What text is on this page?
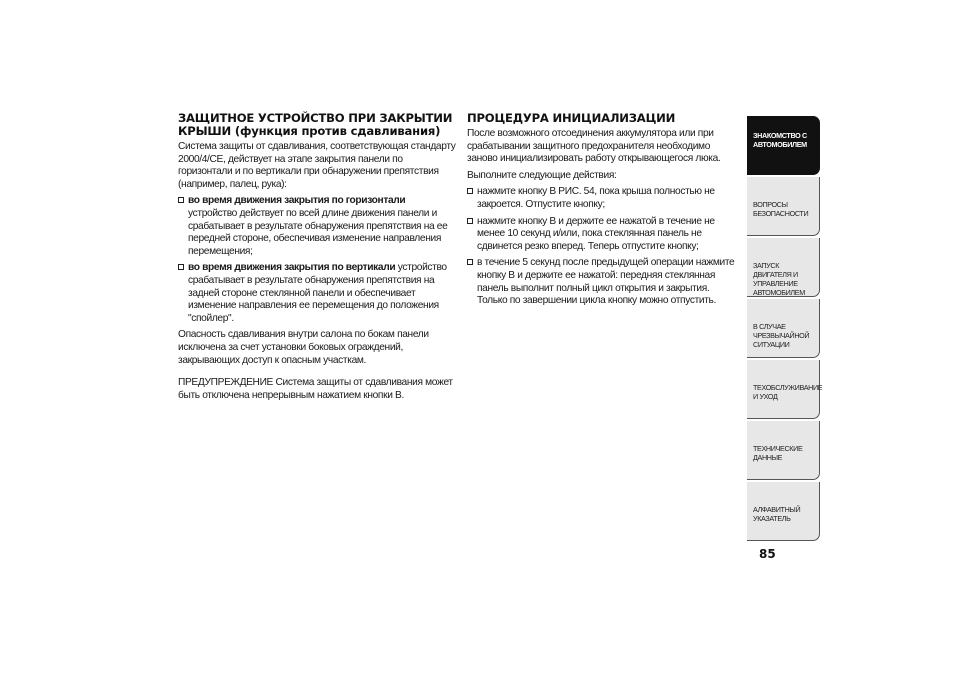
ЗАЩИТНОЕ УСТРОЙСТВО ПРИ ЗАКРЫТИИ КРЫШИ (функция против сдавливания)

Система защиты от сдавливания, соответствующая стандарту 2000/4/CE, действует на этапе закрытия панели по горизонтали и по вертикали при обнаружении препятствия (например, палец, рука):

во время движения закрытия по горизонтали устройство действует по всей длине движения панели и срабатывает в результате обнаружения препятствия на ее передней стороне, обеспечивая изменение направления перемещения;
во время движения закрытия по вертикали устройство срабатывает в результате обнаружения препятствия на задней стороне стеклянной панели и обеспечивает изменение направления ее перемещения до положения "спойлер".

Опасность сдавливания внутри салона по бокам панели исключена за счет установки боковых ограждений, закрывающих доступ к опасным участкам.

ПРЕДУПРЕЖДЕНИЕ Система защиты от сдавливания может быть отключена непрерывным нажатием кнопки B.

ПРОЦЕДУРА ИНИЦИАЛИЗАЦИИ

После возможного отсоединения аккумулятора или при срабатывании защитного предохранителя необходимо заново инициализировать работу открывающегося люка.

Выполните следующие действия:

нажмите кнопку B РИС. 54, пока крыша полностью не закроется. Отпустите кнопку;
нажмите кнопку B и держите ее нажатой в течение не менее 10 секунд и/или, пока стеклянная панель не сдвинется резко вперед. Теперь отпустите кнопку;
в течение 5 секунд после предыдущей операции нажмите кнопку B и держите ее нажатой: передняя стеклянная панель выполнит полный цикл открытия и закрытия. Только по завершении цикла кнопку можно отпустить.
ЗНАКОМСТВО С АВТОМОБИЛЕМ
ВОПРОСЫ БЕЗОПАСНОСТИ
ЗАПУСК ДВИГАТЕЛЯ И УПРАВЛЕНИЕ АВТОМОБИЛЕМ
В СЛУЧАЕ ЧРЕЗВЫЧАЙНОЙ СИТУАЦИИ
ТЕХОБСЛУЖИВАНИЕ И УХОД
ТЕХНИЧЕСКИЕ ДАННЫЕ
АЛФАВИТНЫЙ УКАЗАТЕЛЬ
85
